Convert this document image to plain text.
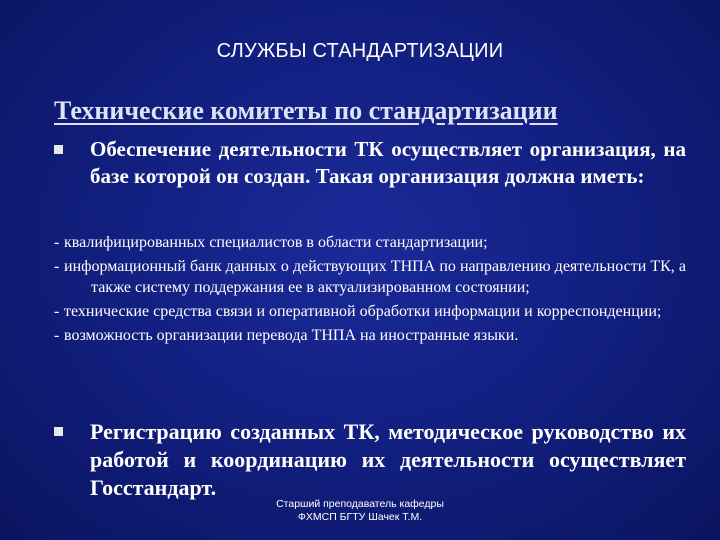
СЛУЖБЫ СТАНДАРТИЗАЦИИ
Технические комитеты по стандартизации
Обеспечение деятельности ТК осуществляет организация, на базе которой он создан. Такая организация должна иметь:
- квалифицированных специалистов в области стандартизации;
- информационный банк данных о действующих ТНПА по направлению деятельности ТК, а также систему поддержания ее в актуализированном состоянии;
- технические средства связи и оперативной обработки информации и корреспонденции;
- возможность организации перевода ТНПА на иностранные языки.
Регистрацию созданных ТК, методическое руководство их работой и координацию их деятельности осуществляет Госстандарт.
Старший преподаватель кафедры
ФХМСП БГТУ Шачек Т.М.
